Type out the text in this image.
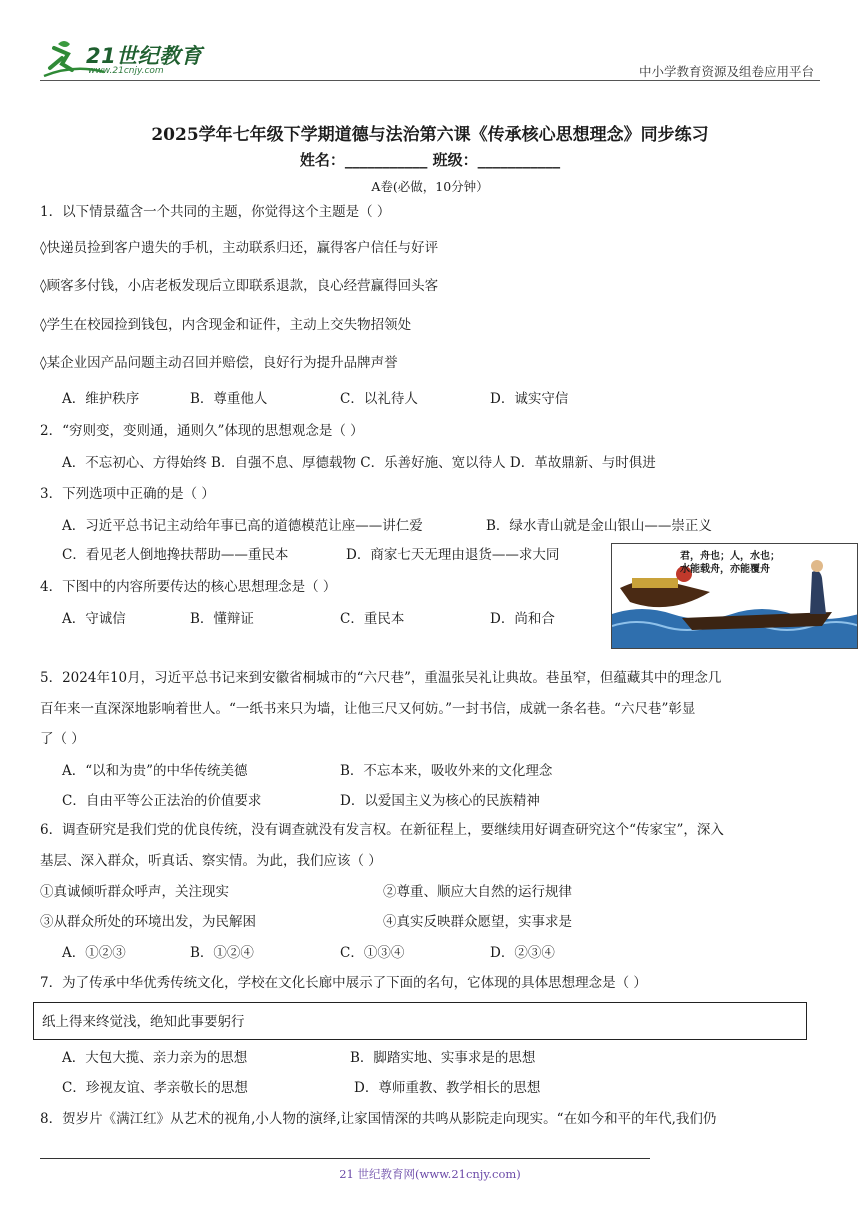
21世纪教育
www.21cnjy.com	中小学教育资源及组卷应用平台
2025学年七年级下学期道德与法治第六课《传承核心思想理念》同步练习
姓名：___________ 班级：___________
A卷(必做，10分钟）
1．以下情景蕴含一个共同的主题，你觉得这个主题是（ ）
◊快递员捡到客户遗失的手机，主动联系归还，赢得客户信任与好评
◊顾客多付钱，小店老板发现后立即联系退款，良心经营赢得回头客
◊学生在校园捡到钱包，内含现金和证件，主动上交失物招领处
◊某企业因产品问题主动召回并赔偿，良好行为提升品牌声誉
A．维护秩序	B．尊重他人	C．以礼待人	D．诚实守信
2．“穷则变，变则通，通则久”体现的思想观念是（ ）
A．不忘初心、方得始终 B．自强不息、厚德载物 C．乐善好施、宽以待人 D．革故鼎新、与时俱进
3．下列选项中正确的是（ ）
A．习近平总书记主动给年事已高的道德模范让座——讲仁爱	B．绿水青山就是金山银山——崇正义
C．看见老人倒地搀扶帮助——重民本	D．商家七天无理由退货——求大同	君，舟也；人，水也；
水能载舟，亦能覆舟
4．下图中的内容所要传达的核心思想理念是（ ）
A．守诚信	B．懂辩证	C．重民本	D．尚和合
5．2024年10月，习近平总书记来到安徽省桐城市的“六尺巷”，重温张吴礼让典故。巷虽窄，但蕴藏其中的理念几
百年来一直深深地影响着世人。“一纸书来只为墙，让他三尺又何妨。”一封书信，成就一条名巷。“六尺巷”彰显
了（ ）
A．“以和为贵”的中华传统美德	B．不忘本来，吸收外来的文化理念
C．自由平等公正法治的价值要求	D．以爱国主义为核心的民族精神
6．调查研究是我们党的优良传统，没有调查就没有发言权。在新征程上，要继续用好调查研究这个“传家宝”，深入
基层、深入群众，听真话、察实情。为此，我们应该（ ）
①真诚倾听群众呼声，关注现实	②尊重、顺应大自然的运行规律
③从群众所处的环境出发，为民解困	④真实反映群众愿望，实事求是
A．①②③	B．①②④	C．①③④	D．②③④
7．为了传承中华优秀传统文化，学校在文化长廊中展示了下面的名句，它体现的具体思想理念是（ ）
纸上得来终觉浅，绝知此事要躬行
A．大包大揽、亲力亲为的思想	B．脚踏实地、实事求是的思想
C．珍视友谊、孝亲敬长的思想	D．尊师重教、教学相长的思想
8．贺岁片《满江红》从艺术的视角,小人物的演绎,让家国情深的共鸣从影院走向现实。“在如今和平的年代,我们仍
21 世纪教育网(www.21cnjy.com)
